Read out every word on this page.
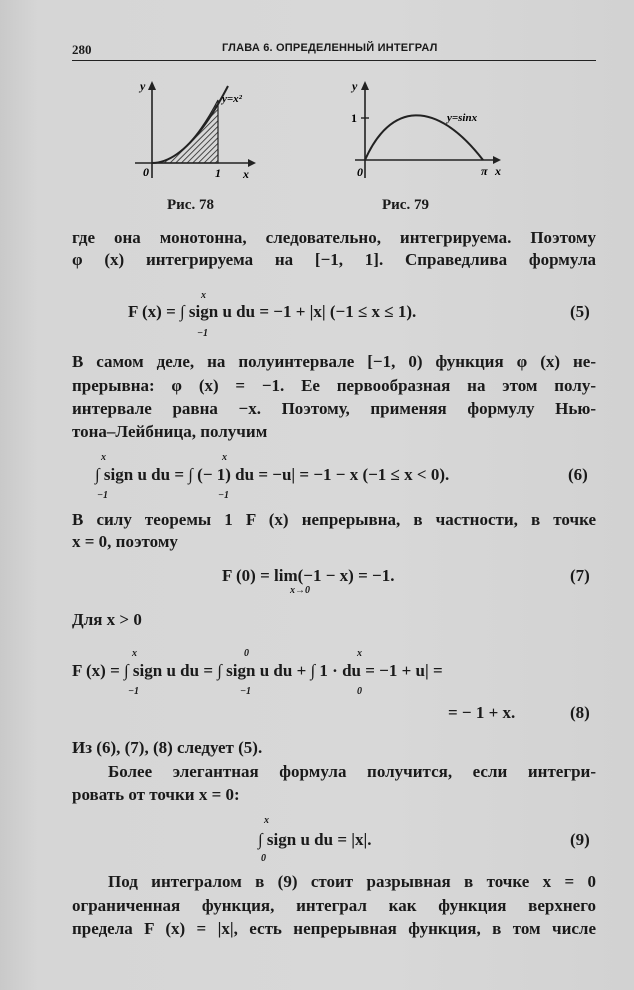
280	ГЛАВА 6. ОПРЕДЕЛЕННЫЙ ИНТЕГРАЛ
y
x
0	1
y=x²
y
1
0	π x
y=sinx
Рис. 78	Рис. 79
где она монотонна, следовательно, интегрируема. Поэтому
φ (x) интегрируема на [−1, 1]. Справедлива формула
F (x) = ∫ sign u du = −1 + |x| (−1 ≤ x ≤ 1).
x
−1
(5)
В самом деле, на полуинтервале [−1, 0) функция φ (x) не-
прерывна: φ (x) = −1. Ее первообразная на этом полу-
интервале равна −x. Поэтому, применяя формулу Нью-
тона–Лейбница, получим
∫ sign u du = ∫ (− 1) du = −u| = −1 − x (−1 ≤ x < 0).
x
−1
x
−1
(6)
В силу теоремы 1 F (x) непрерывна, в частности, в точке
x = 0, поэтому
F (0) = lim(−1 − x) = −1.
x→0
(7)
Для x > 0
F (x) = ∫ sign u du = ∫ sign u du + ∫ 1 · du = −1 + u| =
x
−1
0
−1
x
0
= − 1 + x.	(8)
Из (6), (7), (8) следует (5).
Более элегантная формула получится, если интегри-
ровать от точки x = 0:
∫ sign u du = |x|.
x
0
(9)
Под интегралом в (9) стоит разрывная в точке x = 0
ограниченная функция, интеграл как функция верхнего
предела F (x) = |x|, есть непрерывная функция, в том числе
